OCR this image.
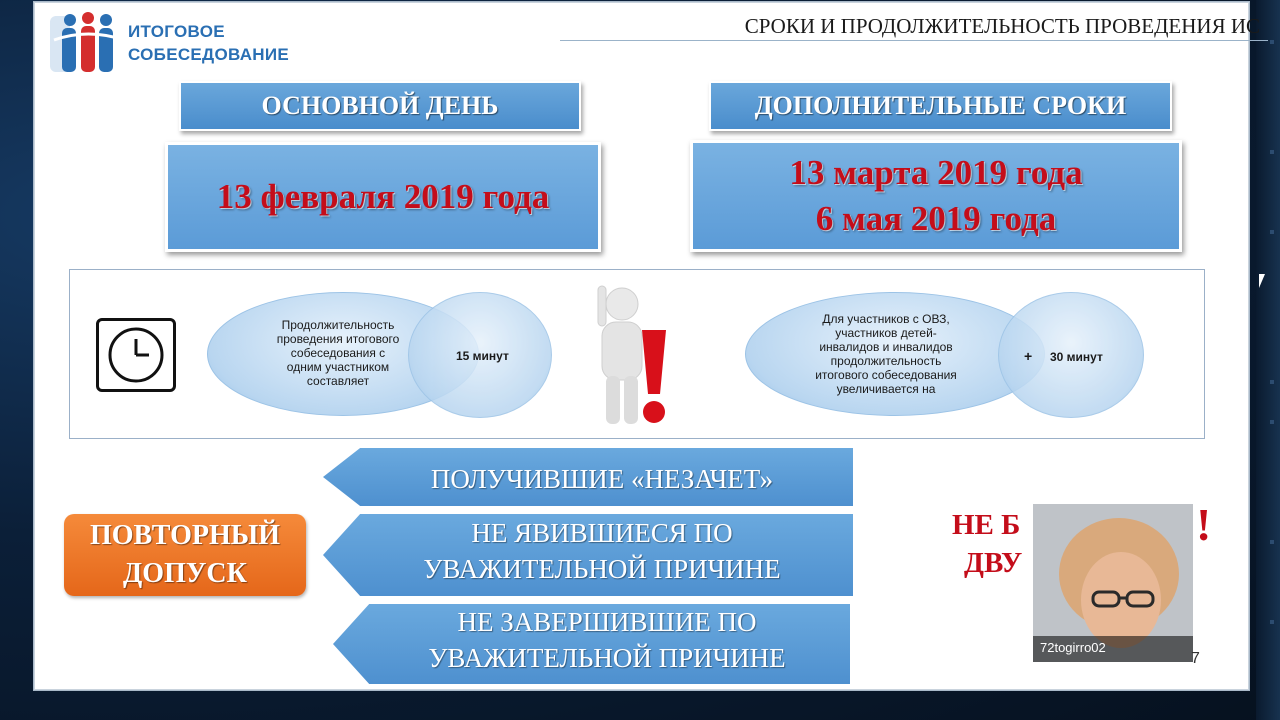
ИТОГОВОЕ
СОБЕСЕДОВАНИЕ
СРОКИ И ПРОДОЛЖИТЕЛЬНОСТЬ ПРОВЕДЕНИЯ ИС
ОСНОВНОЙ ДЕНЬ
13 февраля 2019 года
ДОПОЛНИТЕЛЬНЫЕ СРОКИ
13 марта 2019 года
6 мая 2019 года
Продолжительность
проведения итогового
собеседования с
одним участником
составляет
15 минут
Для участников с ОВЗ,
участников детей-
инвалидов и инвалидов
продолжительность
итогового собеседования
увеличивается на
+ 30 минут
ПОВТОРНЫЙ
ДОПУСК
ПОЛУЧИВШИЕ «НЕЗАЧЕТ»
НЕ ЯВИВШИЕСЯ ПО
УВАЖИТЕЛЬНОЙ ПРИЧИНЕ
НЕ ЗАВЕРШИВШИЕ ПО
УВАЖИТЕЛЬНОЙ ПРИЧИНЕ
НЕ Б
ДВУ
!
72togirro02
7
